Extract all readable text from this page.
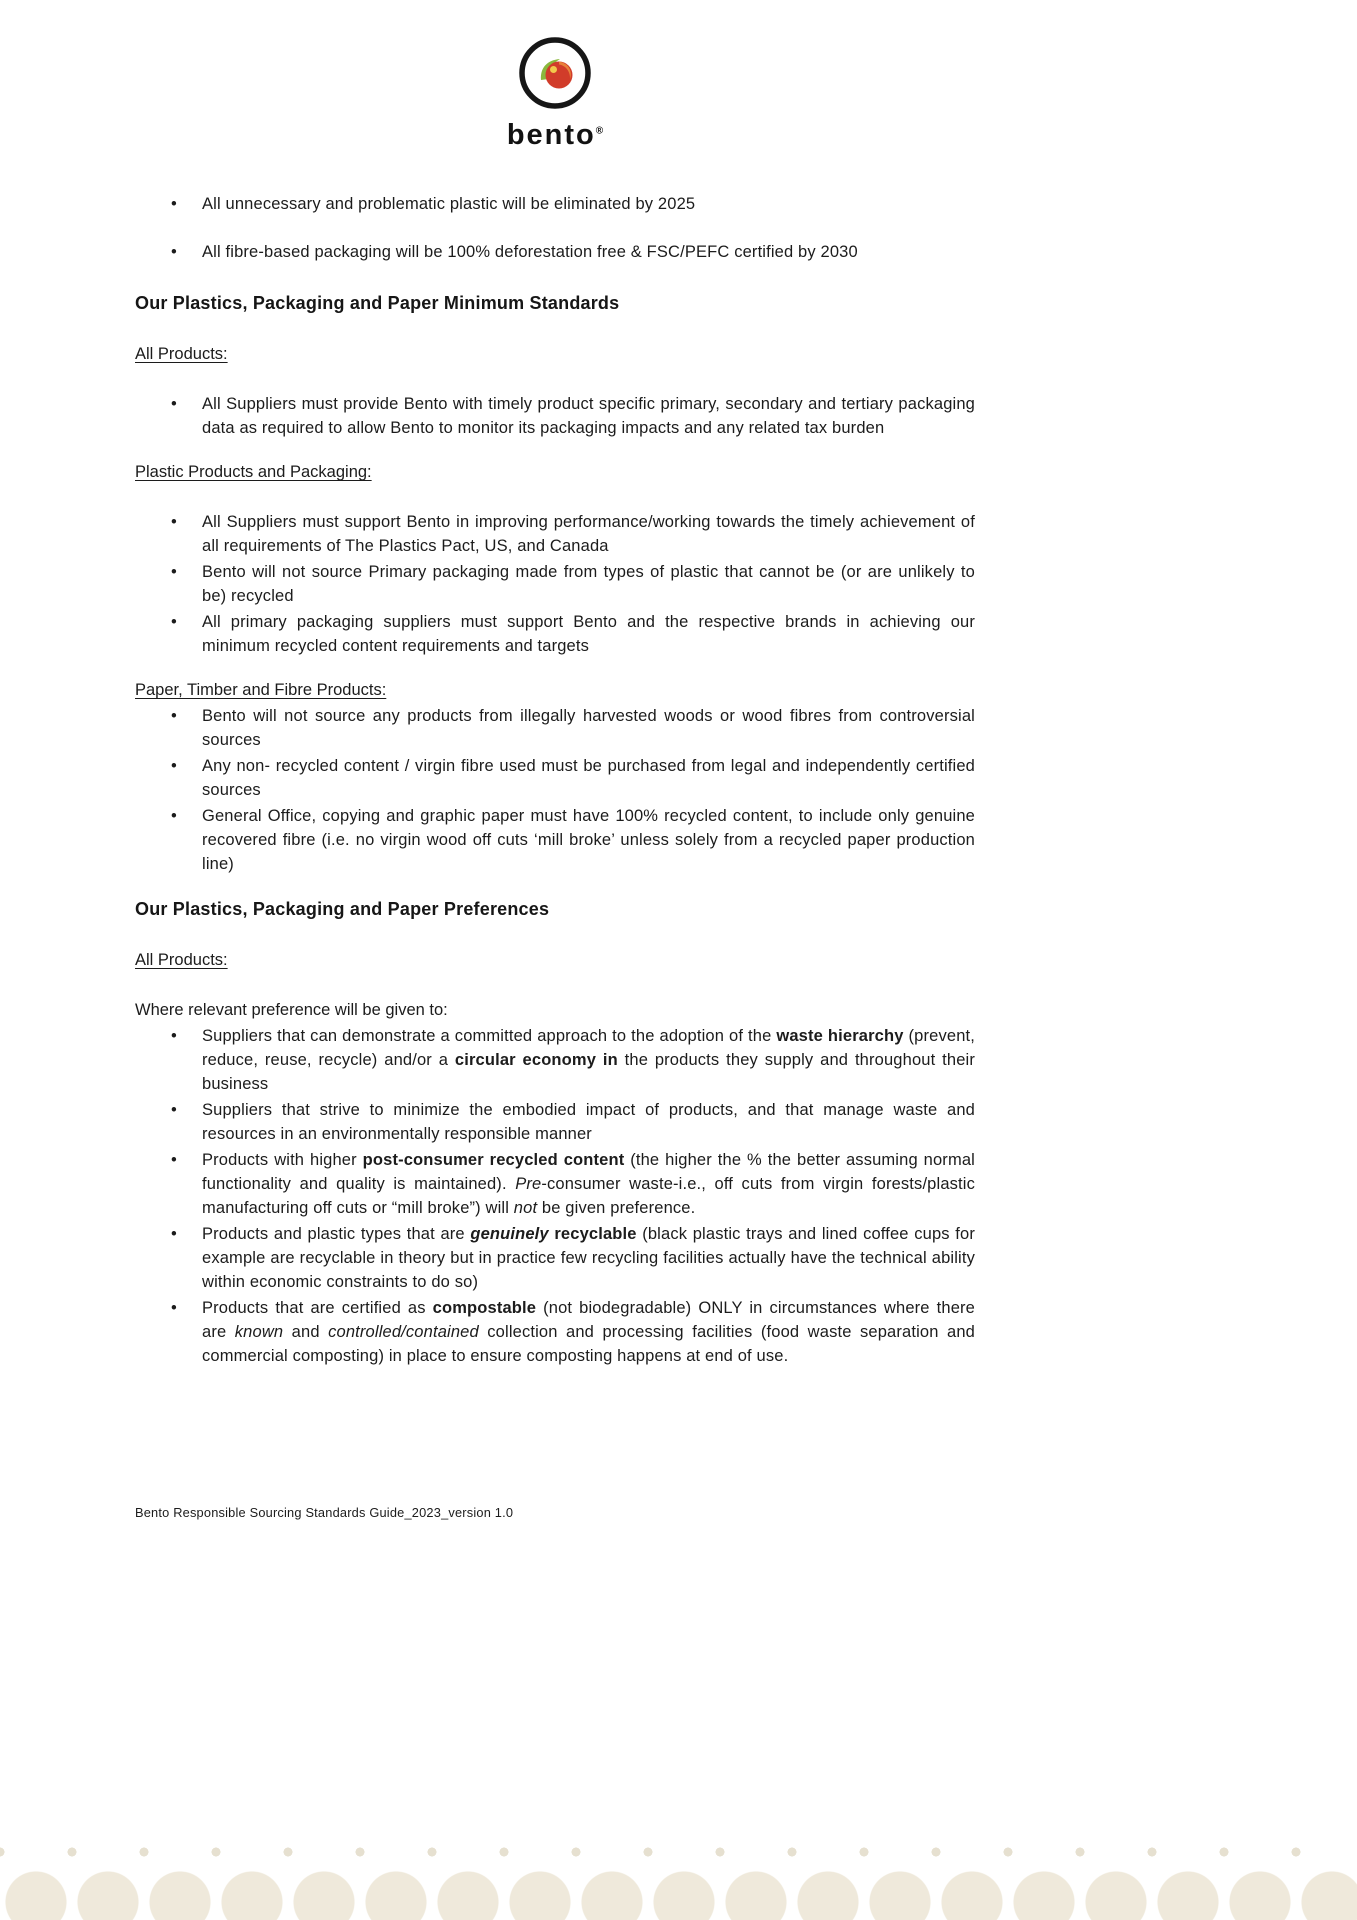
bento®
• All unnecessary and problematic plastic will be eliminated by 2025
• All fibre-based packaging will be 100% deforestation free & FSC/PEFC certified by 2030
Our Plastics, Packaging and Paper Minimum Standards
All Products:
• All Suppliers must provide Bento with timely product specific primary, secondary and tertiary packaging data as required to allow Bento to monitor its packaging impacts and any related tax burden
Plastic Products and Packaging:
• All Suppliers must support Bento in improving performance/working towards the timely achievement of all requirements of The Plastics Pact, US, and Canada
• Bento will not source Primary packaging made from types of plastic that cannot be (or are unlikely to be) recycled
• All primary packaging suppliers must support Bento and the respective brands in achieving our minimum recycled content requirements and targets
Paper, Timber and Fibre Products:
• Bento will not source any products from illegally harvested woods or wood fibres from controversial sources
• Any non- recycled content / virgin fibre used must be purchased from legal and independently certified sources
• General Office, copying and graphic paper must have 100% recycled content, to include only genuine recovered fibre (i.e. no virgin wood off cuts ‘mill broke’ unless solely from a recycled paper production line)
Our Plastics, Packaging and Paper Preferences
All Products:

Where relevant preference will be given to:

• Suppliers that can demonstrate a committed approach to the adoption of the waste hierarchy (prevent, reduce, reuse, recycle) and/or a circular economy in the products they supply and throughout their business
• Suppliers that strive to minimize the embodied impact of products, and that manage waste and resources in an environmentally responsible manner
• Products with higher post-consumer recycled content (the higher the % the better assuming normal functionality and quality is maintained). Pre-consumer waste-i.e., off cuts from virgin forests/plastic manufacturing off cuts or “mill broke”) will not be given preference.
• Products and plastic types that are genuinely recyclable (black plastic trays and lined coffee cups for example are recyclable in theory but in practice few recycling facilities actually have the technical ability within economic constraints to do so)
• Products that are certified as compostable (not biodegradable) ONLY in circumstances where there are known and controlled/contained collection and processing facilities (food waste separation and commercial composting) in place to ensure composting happens at end of use.
Bento Responsible Sourcing Standards Guide_2023_version 1.0
